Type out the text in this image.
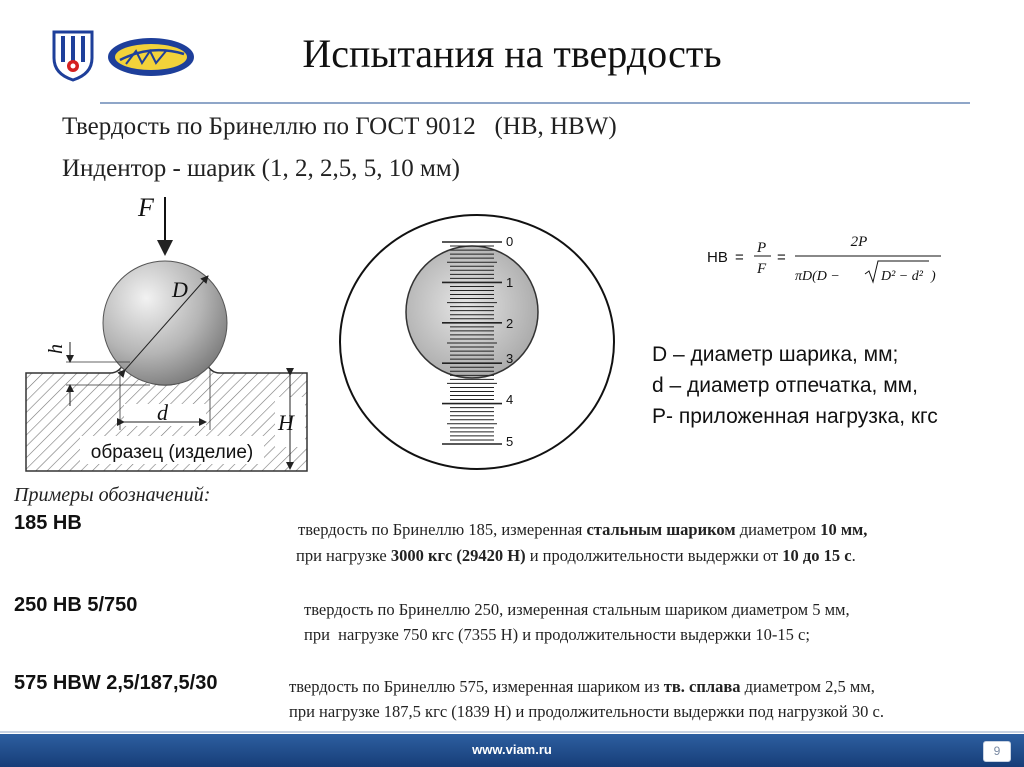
Испытания на твердость
Твердость по Бринеллю по ГОСТ 9012   (НВ, HBW)
Индентор - шарик (1, 2, 2,5, 5, 10 мм)
D
F
h
d	H
образец (изделие)
0
1
2
3
4
5
HB =
P
F
=
2P
πD(D −	D² − d² )
D – диаметр шарика, мм;
d – диаметр отпечатка, мм,
P- приложенная нагрузка, кгс
Примеры обозначений:
185 HB	твердость по Бринеллю 185, измеренная стальным шариком диаметром 10 мм,
при нагрузке 3000 кгс (29420 Н) и продолжительности выдержки от 10 до 15 с.
250 HB 5/750	твердость по Бринеллю 250, измеренная стальным шариком диаметром 5 мм,
при  нагрузке 750 кгс (7355 Н) и продолжительности выдержки 10-15 с;
575 HBW 2,5/187,5/30	твердость по Бринеллю 575, измеренная шариком из тв. сплава диаметром 2,5 мм,
при нагрузке 187,5 кгс (1839 Н) и продолжительности выдержки под нагрузкой 30 с.
www.viam.ru	9
